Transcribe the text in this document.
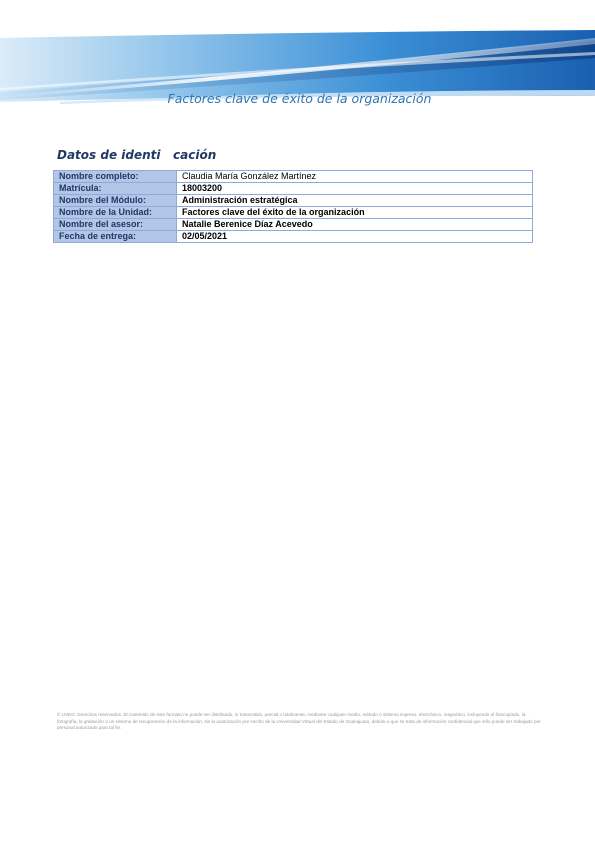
Factores clave de éxito de la organización
Datos de identi   cación
Nombre completo:	Claudia María González Martínez
Matrícula:	18003200
Nombre del Módulo:	Administración estratégica
Nombre de la Unidad:	Factores clave del éxito de la organización
Nombre del asesor:	Natalie Berenice Díaz Acevedo
Fecha de entrega:	02/05/2021

© UVEG. Derechos reservados. El contenido de este formato no puede ser distribuido, ni transmitido, parcial o totalmente, mediante cualquier medio, método o sistema impreso, electrónico, magnético, incluyendo el fotocopiado, la fotografía, la grabación o un sistema de recuperación de la información, sin la autorización por escrito de la Universidad Virtual del Estado de Guanajuato, debido a que se trata de información confidencial que sólo puede ser trabajado por personal autorizado para tal fin.
